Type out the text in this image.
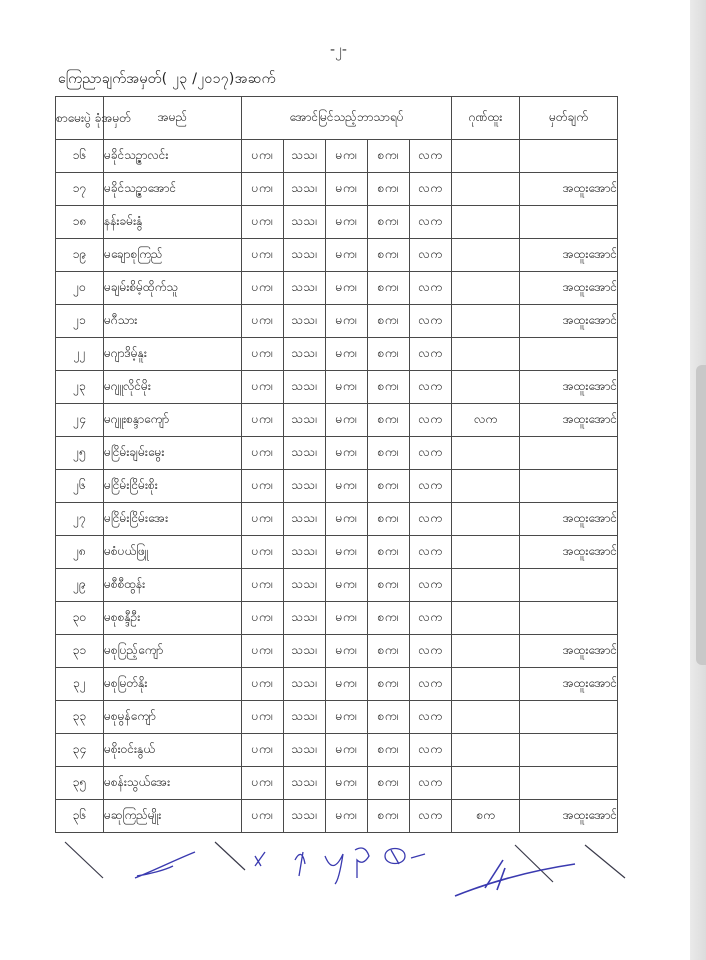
-၂-
ကြေညာချက်အမှတ်( ၂၃ /၂၀၁၇)အဆက်
စာမေးပွဲ ခုံအမှတ်	အမည်	အောင်မြင်သည့်ဘာသာရပ်					ဂုဏ်ထူး	မှတ်ချက်
၁၆	မခိုင်သဥ္ဇာလင်း	ပက၊	သသ၊	မက၊	စက၊	လက		
၁၇	မခိုင်သဥ္ဇာအောင်	ပက၊	သသ၊	မက၊	စက၊	လက		အထူးအောင်
၁၈	နန်းခမ်းနွံ	ပက၊	သသ၊	မက၊	စက၊	လက		
၁၉	မချောစုကြည်	ပက၊	သသ၊	မက၊	စက၊	လက		အထူးအောင်
၂၀	မချမ်းစိမ့်ထိုက်သူ	ပက၊	သသ၊	မက၊	စက၊	လက		အထူးအောင်
၂၁	မဂီသား	ပက၊	သသ၊	မက၊	စက၊	လက		အထူးအောင်
၂၂	မဂျာဒိမ့်နူး	ပက၊	သသ၊	မက၊	စက၊	လက		
၂၃	မဂျူလိုင်မိုး	ပက၊	သသ၊	မက၊	စက၊	လက		အထူးအောင်
၂၄	မဂျူးစန္ဒာကျော်	ပက၊	သသ၊	မက၊	စက၊	လက	လက	အထူးအောင်
၂၅	မငြိမ်းချမ်းမွေး	ပက၊	သသ၊	မက၊	စက၊	လက		
၂၆	မငြိမ်းငြိမ်းစိုး	ပက၊	သသ၊	မက၊	စက၊	လက		
၂၇	မငြိမ်းငြိမ်းအေး	ပက၊	သသ၊	မက၊	စက၊	လက		အထူးအောင်
၂၈	မစံပယ်ဖြူ	ပက၊	သသ၊	မက၊	စက၊	လက		အထူးအောင်
၂၉	မစီစီထွန်း	ပက၊	သသ၊	မက၊	စက၊	လက		
၃၀	မစုစန္ဒီဦး	ပက၊	သသ၊	မက၊	စက၊	လက		
၃၁	မစုပြည့်ကျော်	ပက၊	သသ၊	မက၊	စက၊	လက		အထူးအောင်
၃၂	မစုမြတ်နိုး	ပက၊	သသ၊	မက၊	စက၊	လက		အထူးအောင်
၃၃	မစုမွန်ကျော်	ပက၊	သသ၊	မက၊	စက၊	လက		
၃၄	မစိုးဝင်းနွယ်	ပက၊	သသ၊	မက၊	စက၊	လက		
၃၅	မစန်းသွယ်အေး	ပက၊	သသ၊	မက၊	စက၊	လက		
၃၆	မဆုကြည်မျိုး	ပက၊	သသ၊	မက၊	စက၊	လက	စက	အထူးအောင်
